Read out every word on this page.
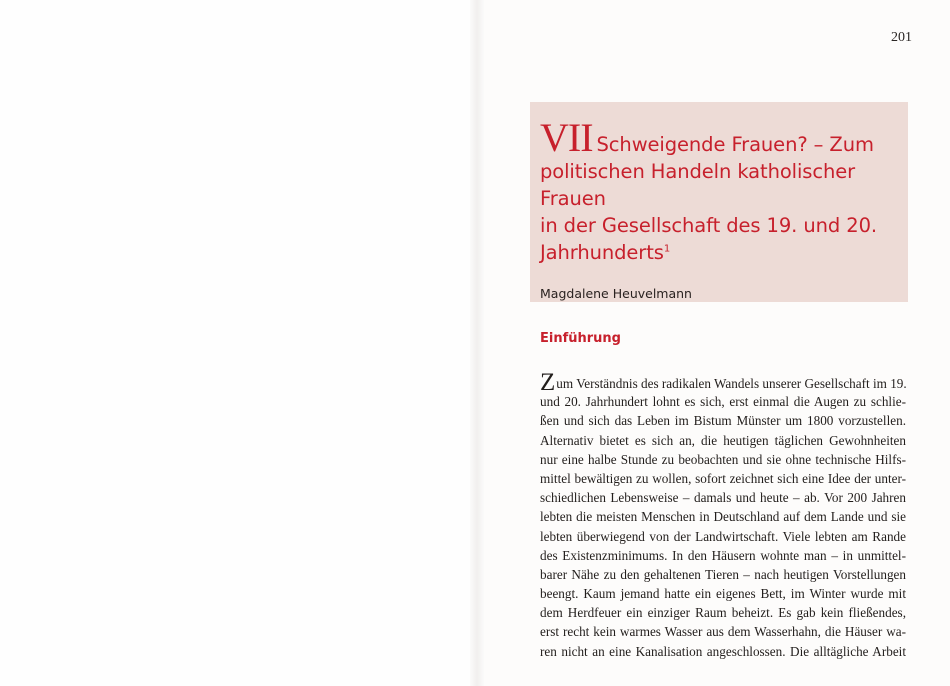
201
VII Schweigende Frauen? – Zum
politischen Handeln katholischer Frauen
in der Gesellschaft des 19. und 20.
Jahrhunderts$^1$
Magdalene Heuvelmann
Einführung
Zum Verständnis des radikalen Wandels unserer Gesellschaft im 19.
und 20. Jahrhundert lohnt es sich, erst einmal die Augen zu schlie-
ßen und sich das Leben im Bistum Münster um 1800 vorzustellen.
Alternativ bietet es sich an, die heutigen täglichen Gewohnheiten
nur eine halbe Stunde zu beobachten und sie ohne technische Hilfs-
mittel bewältigen zu wollen, sofort zeichnet sich eine Idee der unter-
schiedlichen Lebensweise – damals und heute – ab. Vor 200 Jahren
lebten die meisten Menschen in Deutschland auf dem Lande und sie
lebten überwiegend von der Landwirtschaft. Viele lebten am Rande
des Existenzminimums. In den Häusern wohnte man – in unmittel-
barer Nähe zu den gehaltenen Tieren – nach heutigen Vorstellungen
beengt. Kaum jemand hatte ein eigenes Bett, im Winter wurde mit
dem Herdfeuer ein einziger Raum beheizt. Es gab kein fließendes,
erst recht kein warmes Wasser aus dem Wasserhahn, die Häuser wa-
ren nicht an eine Kanalisation angeschlossen. Die alltägliche Arbeit
